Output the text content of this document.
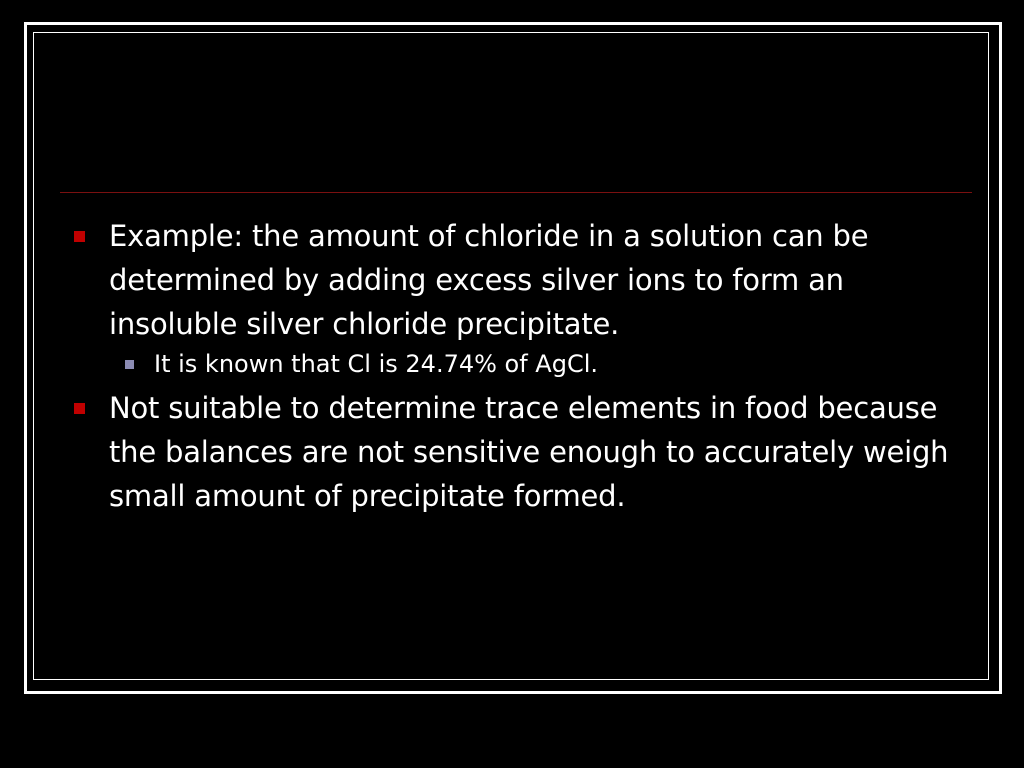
Example: the amount of chloride in a solution can be determined by adding excess silver ions to form an insoluble silver chloride precipitate.
It is known that Cl is 24.74% of AgCl.
Not suitable to determine trace elements in food because the balances are not sensitive enough to accurately weigh small amount of precipitate formed.
